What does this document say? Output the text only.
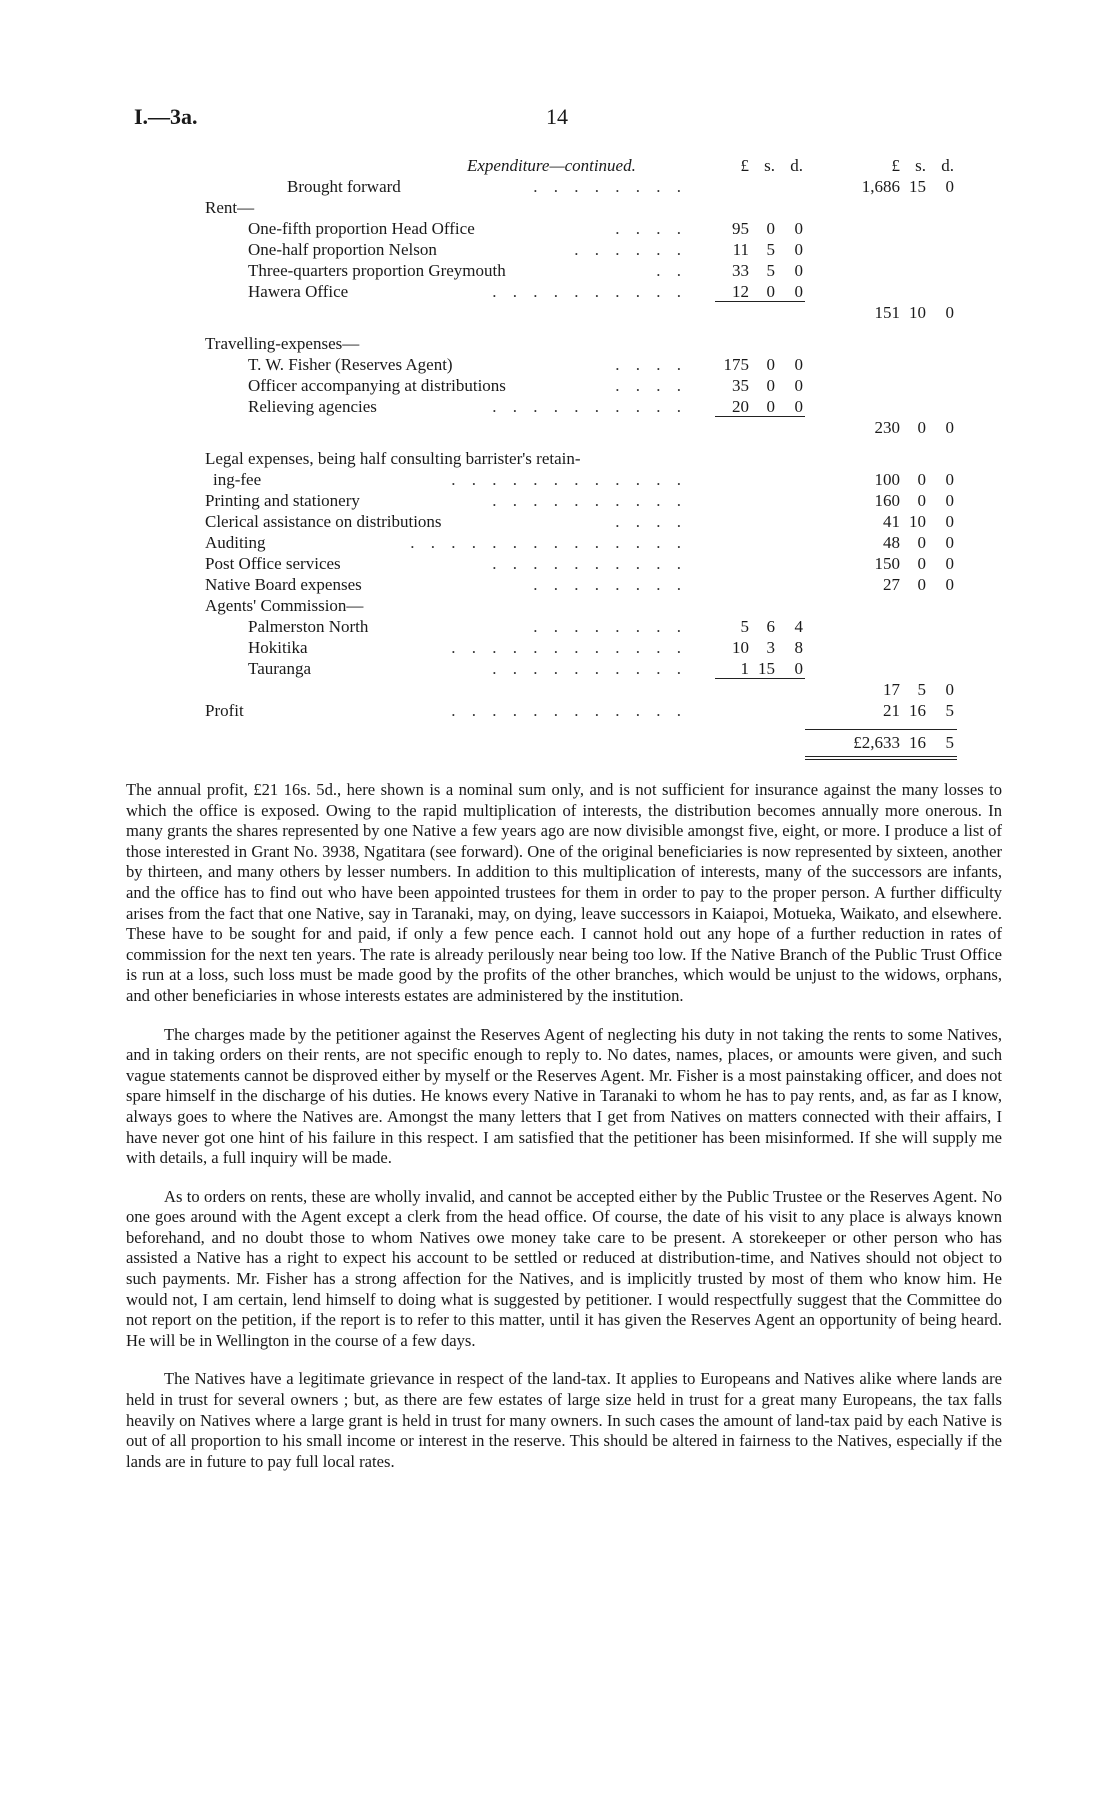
I.—3a.	14
Expenditure—continued.	£ s. d.	£ s. d.
Brought forward	. . . . . . . .	1,686 15	0
Rent—
One-fifth proportion Head Office	. . . .	95	0	0
One-half proportion Nelson	. . . . . .	11	5	0
Three-quarters proportion Greymouth	. .	33	5	0
Hawera Office	. . . . . . . . . .	12	0	0
151 10	0
Travelling-expenses—
T. W. Fisher (Reserves Agent)	. . . .	175	0	0
Officer accompanying at distributions	. . . .	35	0	0
Relieving agencies	. . . . . . . . . .	20	0	0
230	0	0
Legal expenses, being half consulting barrister's retain-
ing-fee	. . . . . . . . . . . .	100	0	0
Printing and stationery	. . . . . . . . . .	160	0	0
Clerical assistance on distributions	. . . .	41 10	0
Auditing	. . . . . . . . . . . . . .	48	0	0
Post Office services	. . . . . . . . . .	150	0	0
Native Board expenses	. . . . . . . .	27	0	0
Agents' Commission—
Palmerston North	. . . . . . . .	5	6	4
Hokitika	. . . . . . . . . . . .	10	3	8
Tauranga	. . . . . . . . . .	1 15	0
17	5	0
Profit	. . . . . . . . . . . .	21 16	5
£2,633 16	5

The annual profit, £21 16s. 5d., here shown is a nominal sum only, and is not sufficient for insurance against the many losses to which the office is exposed. Owing to the rapid multiplication of interests, the distribution becomes annually more onerous. In many grants the shares represented by one Native a few years ago are now divisible amongst five, eight, or more. I produce a list of those interested in Grant No. 3938, Ngatitara (see forward). One of the original beneficiaries is now represented by sixteen, another by thirteen, and many others by lesser numbers. In addition to this multiplication of interests, many of the successors are infants, and the office has to find out who have been appointed trustees for them in order to pay to the proper person. A further difficulty arises from the fact that one Native, say in Taranaki, may, on dying, leave successors in Kaiapoi, Motueka, Waikato, and elsewhere. These have to be sought for and paid, if only a few pence each. I cannot hold out any hope of a further reduction in rates of commission for the next ten years. The rate is already perilously near being too low. If the Native Branch of the Public Trust Office is run at a loss, such loss must be made good by the profits of the other branches, which would be unjust to the widows, orphans, and other beneficiaries in whose interests estates are administered by the institution.

The charges made by the petitioner against the Reserves Agent of neglecting his duty in not taking the rents to some Natives, and in taking orders on their rents, are not specific enough to reply to. No dates, names, places, or amounts were given, and such vague statements cannot be disproved either by myself or the Reserves Agent. Mr. Fisher is a most painstaking officer, and does not spare himself in the discharge of his duties. He knows every Native in Taranaki to whom he has to pay rents, and, as far as I know, always goes to where the Natives are. Amongst the many letters that I get from Natives on matters connected with their affairs, I have never got one hint of his failure in this respect. I am satisfied that the petitioner has been misinformed. If she will supply me with details, a full inquiry will be made.

As to orders on rents, these are wholly invalid, and cannot be accepted either by the Public Trustee or the Reserves Agent. No one goes around with the Agent except a clerk from the head office. Of course, the date of his visit to any place is always known beforehand, and no doubt those to whom Natives owe money take care to be present. A storekeeper or other person who has assisted a Native has a right to expect his account to be settled or reduced at distribution-time, and Natives should not object to such payments. Mr. Fisher has a strong affection for the Natives, and is implicitly trusted by most of them who know him. He would not, I am certain, lend himself to doing what is suggested by petitioner. I would respectfully suggest that the Committee do not report on the petition, if the report is to refer to this matter, until it has given the Reserves Agent an opportunity of being heard. He will be in Wellington in the course of a few days.

The Natives have a legitimate grievance in respect of the land-tax. It applies to Europeans and Natives alike where lands are held in trust for several owners ; but, as there are few estates of large size held in trust for a great many Europeans, the tax falls heavily on Natives where a large grant is held in trust for many owners. In such cases the amount of land-tax paid by each Native is out of all proportion to his small income or interest in the reserve. This should be altered in fairness to the Natives, especially if the lands are in future to pay full local rates.
